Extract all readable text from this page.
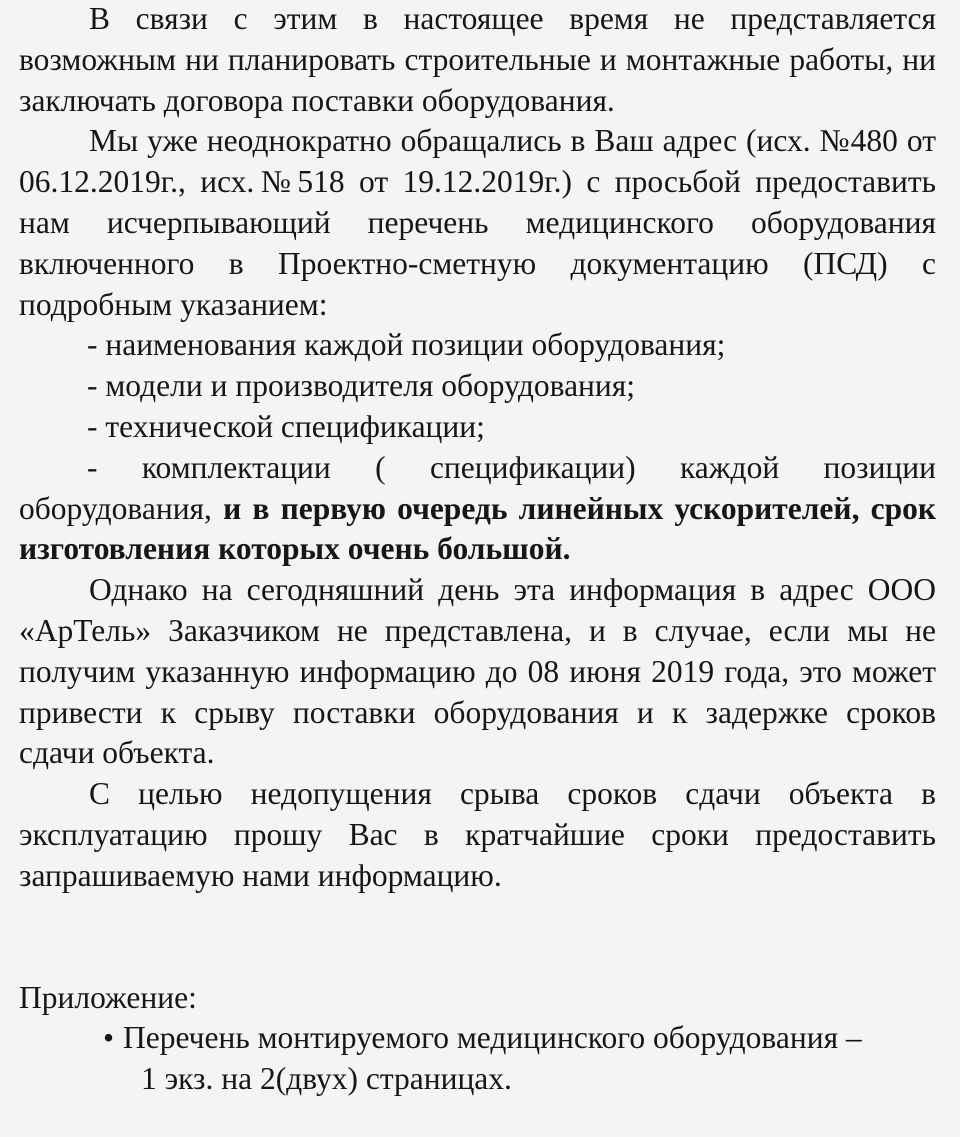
В связи с этим в настоящее время не представляется возможным ни планировать строительные и монтажные работы, ни заключать договора поставки оборудования.

Мы уже неоднократно обращались в Ваш адрес (исх. №480 от 06.12.2019г., исх.№518 от 19.12.2019г.) с просьбой предоставить нам исчерпывающий перечень медицинского оборудования включенного в Проектно-сметную документацию (ПСД) с подробным указанием:

- наименования каждой позиции оборудования;

- модели и производителя оборудования;

- технической спецификации;

- комплектации ( спецификации) каждой позиции оборудования, и в первую очередь линейных ускорителей, срок изготовления которых очень большой.

Однако на сегодняшний день эта информация в адрес ООО «АрТель» Заказчиком не представлена, и в случае, если мы не получим указанную информацию до 08 июня 2019 года, это может привести к срыву поставки оборудования и к задержке сроков сдачи объекта.

С целью недопущения срыва сроков сдачи объекта в эксплуатацию прошу Вас в кратчайшие сроки предоставить запрашиваемую нами информацию.

Приложение:

• Перечень монтируемого медицинского оборудования –
1 экз. на 2(двух) страницах.
